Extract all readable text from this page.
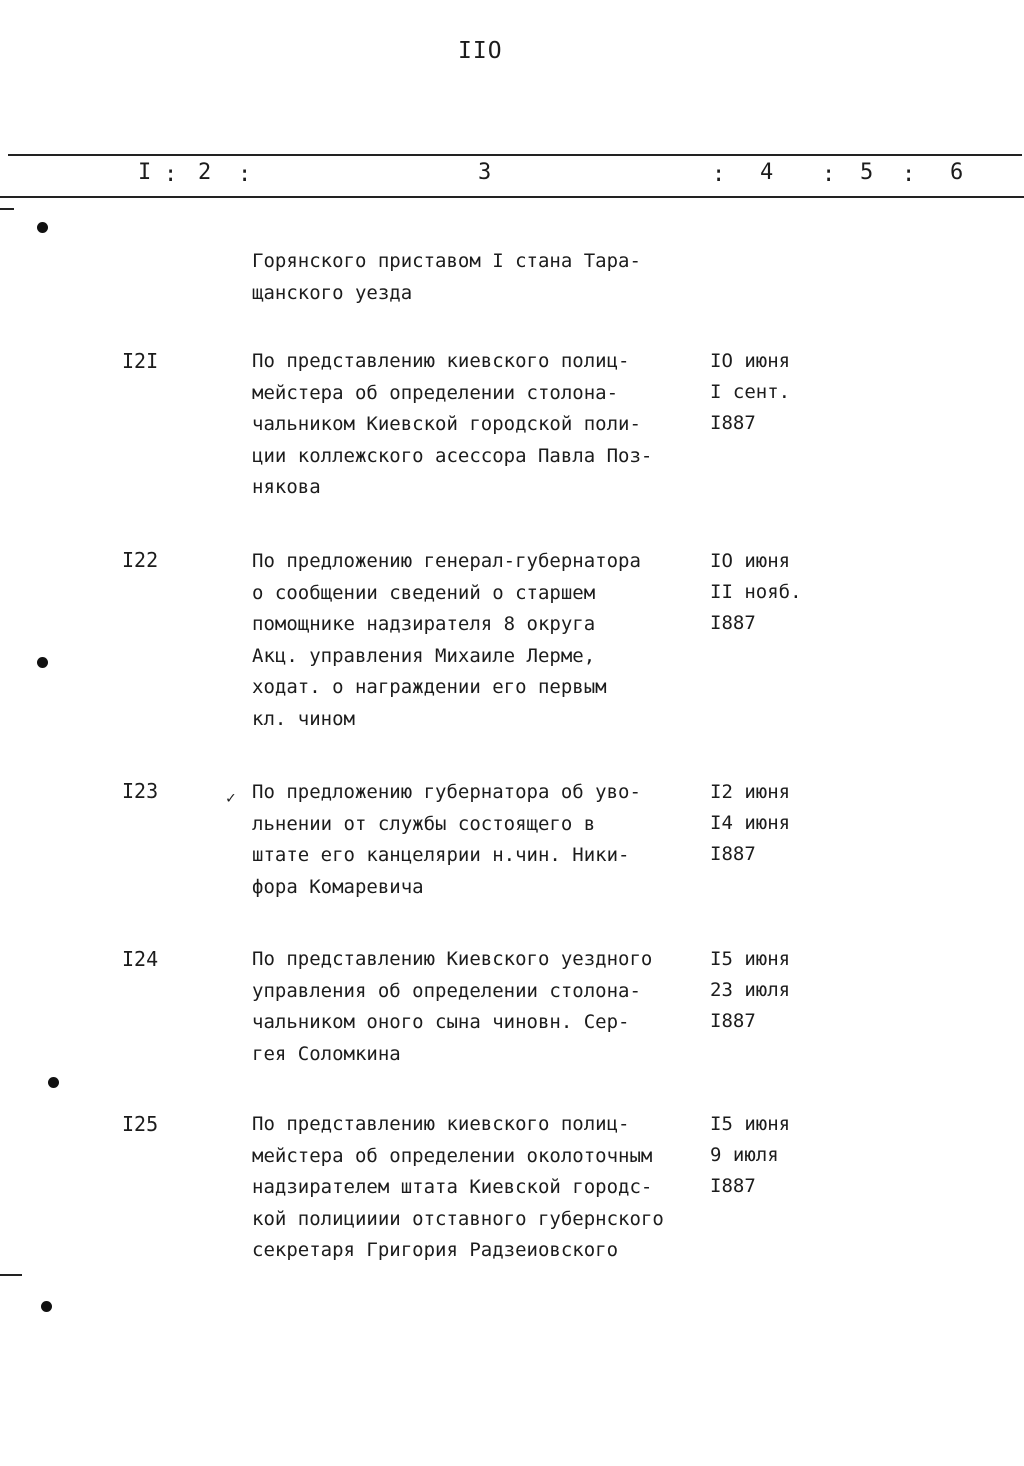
IIO
I : 2 :	3	: 4 : 5 : 6
Горянского приставом I стана Тара-
щанского уезда
I2I	По представлению киевского полиц-
мейстера об определении столона-
чальником Киевской городской поли-
ции коллежского асессора Павла Поз-
някова
IO июня
I сент.
I887
I22	По предложению генерал-губернатора
о сообщении сведений о старшем
помощнике надзирателя 8 округа
Акц. управления Михаиле Лерме,
ходат. о награждении его первым
кл. чином
IO июня
II нояб.
I887
✓
I23	По предложению губернатора об уво-
льнении от службы состоящего в
штате его канцелярии н.чин. Ники-
фора Комаревича
I2 июня
I4 июня
I887
I24	По представлению Киевского уездного
управления об определении столона-
чальником оного сына чиновн. Сер-
гея Соломкина
I5 июня
23 июля
I887
I25	По представлению киевского полиц-
мейстера об определении околоточным
надзирателем штата Киевской городс-
кой полицииии отставного губернского
секретаря Григория Радзеиовского
I5 июня
9 июля
I887
